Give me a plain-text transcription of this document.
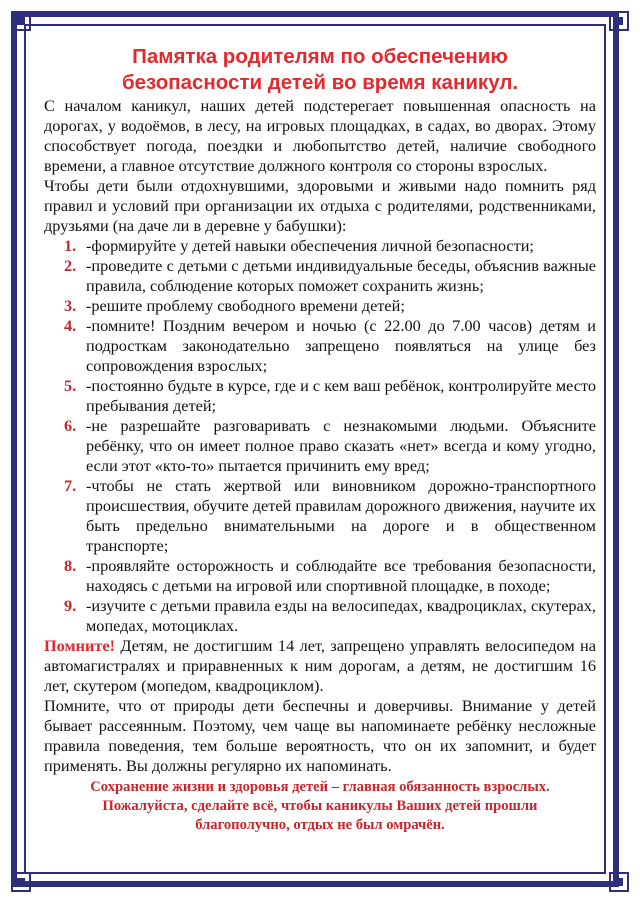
Памятка родителям по обеспечению
безопасности детей во время каникул.

С началом каникул, наших детей подстерегает повышенная опасность на дорогах, у водоёмов, в лесу, на игровых площадках, в садах, во дворах. Этому способствует погода, поездки и любопытство детей, наличие свободного времени, а главное отсутствие должного контроля со стороны взрослых.

Чтобы дети были отдохнувшими, здоровыми и живыми надо помнить ряд правил и условий при организации их отдыха с родителями, родственниками, друзьями (на даче ли в деревне у бабушки):

1. -формируйте у детей навыки обеспечения личной безопасности;
2. -проведите с детьми с детьми индивидуальные беседы, объяснив важные правила, соблюдение которых поможет сохранить жизнь;
3. -решите проблему свободного времени детей;
4. -помните! Поздним вечером и ночью (с 22.00 до 7.00 часов) детям и подросткам законодательно запрещено появляться на улице без сопровождения взрослых;
5. -постоянно будьте в курсе, где и с кем ваш ребёнок, контролируйте место пребывания детей;
6. -не разрешайте разговаривать с незнакомыми людьми. Объясните ребёнку, что он имеет полное право сказать «нет» всегда и кому угодно, если этот «кто-то» пытается причинить ему вред;
7. -чтобы не стать жертвой или виновником дорожно-транспортного происшествия, обучите детей правилам дорожного движения, научите их быть предельно внимательными на дороге и в общественном транспорте;
8. -проявляйте осторожность и соблюдайте все требования безопасности, находясь с детьми на игровой или спортивной площадке, в походе;
9. -изучите с детьми правила езды на велосипедах, квадроциклах, скутерах, мопедах, мотоциклах.

Помните! Детям, не достигшим 14 лет, запрещено управлять велосипедом на автомагистралях и приравненных к ним дорогам, а детям, не достигшим 16 лет, скутером (мопедом, квадроциклом).

Помните, что от природы дети беспечны и доверчивы. Внимание у детей бывает рассеянным. Поэтому, чем чаще вы напоминаете ребёнку несложные правила поведения, тем больше вероятность, что он их запомнит, и будет применять. Вы должны регулярно их напоминать.

Сохранение жизни и здоровья детей – главная обязанность взрослых.
Пожалуйста, сделайте всё, чтобы каникулы Ваших детей прошли
благополучно, отдых не был омрачён.
